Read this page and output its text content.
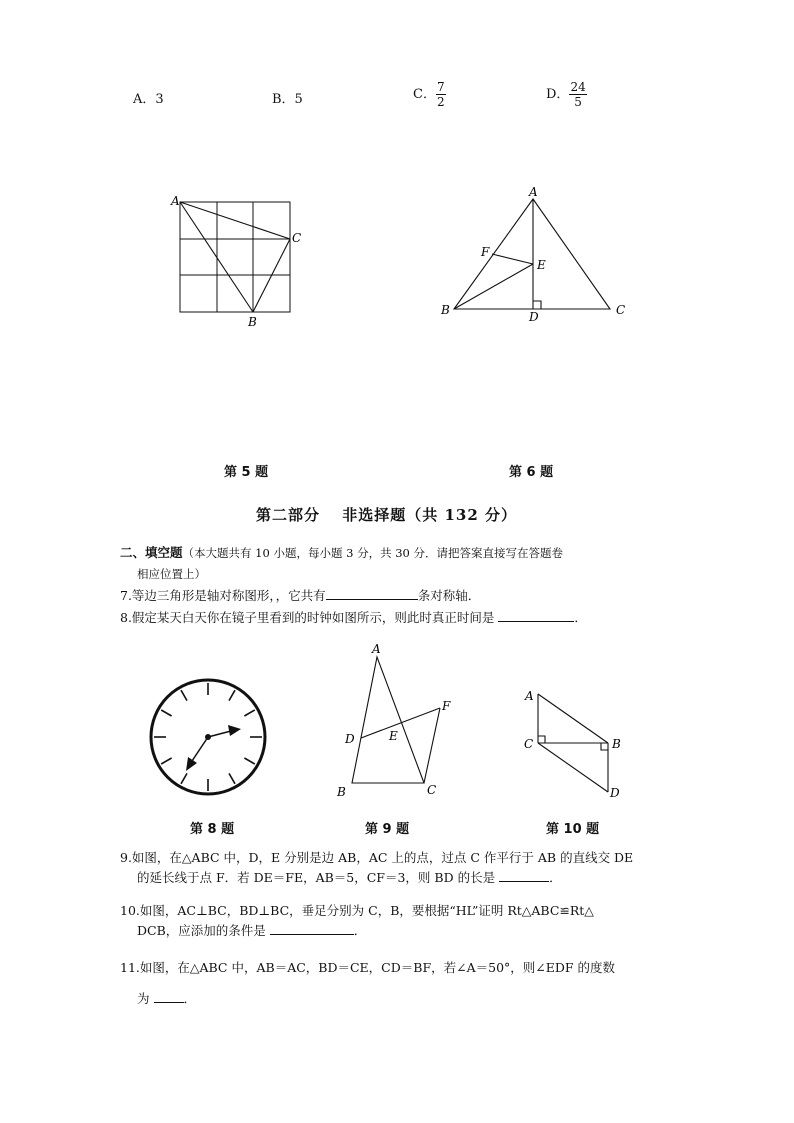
A．3	B．5	C． $\frac{7}{2}$	D． $\frac{24}{5}$
A
C
B
A
B	C
D
E
F
第 5 题	第 6 题
第二部分　 非选择题（共 132 分）
二、填空题（本大题共有 10 小题，每小题 3 分，共 30 分．请把答案直接写在答题卷
相应位置上）
7.等边三角形是轴对称图形，，它共有	条对称轴．
8.假定某天白天你在镜子里看到的时钟如图所示，则此时真正时间是	．
A
B	C
D	E
F
A
B
C
D
第 8 题	第 9 题	第 10 题
9.如图，在△ABC 中，D，E 分别是边 AB，AC 上的点，过点 C 作平行于 AB 的直线交 DE
的延长线于点 F．若 DE＝FE，AB＝5，CF＝3，则 BD 的长是	．
10.如图，AC⊥BC，BD⊥BC，垂足分别为 C，B，要根据“HL”证明 Rt△ABC≌Rt△
DCB，应添加的条件是	．
11.如图，在△ABC 中，AB＝AC，BD＝CE，CD＝BF，若∠A＝50°，则∠EDF 的度数
为	．
